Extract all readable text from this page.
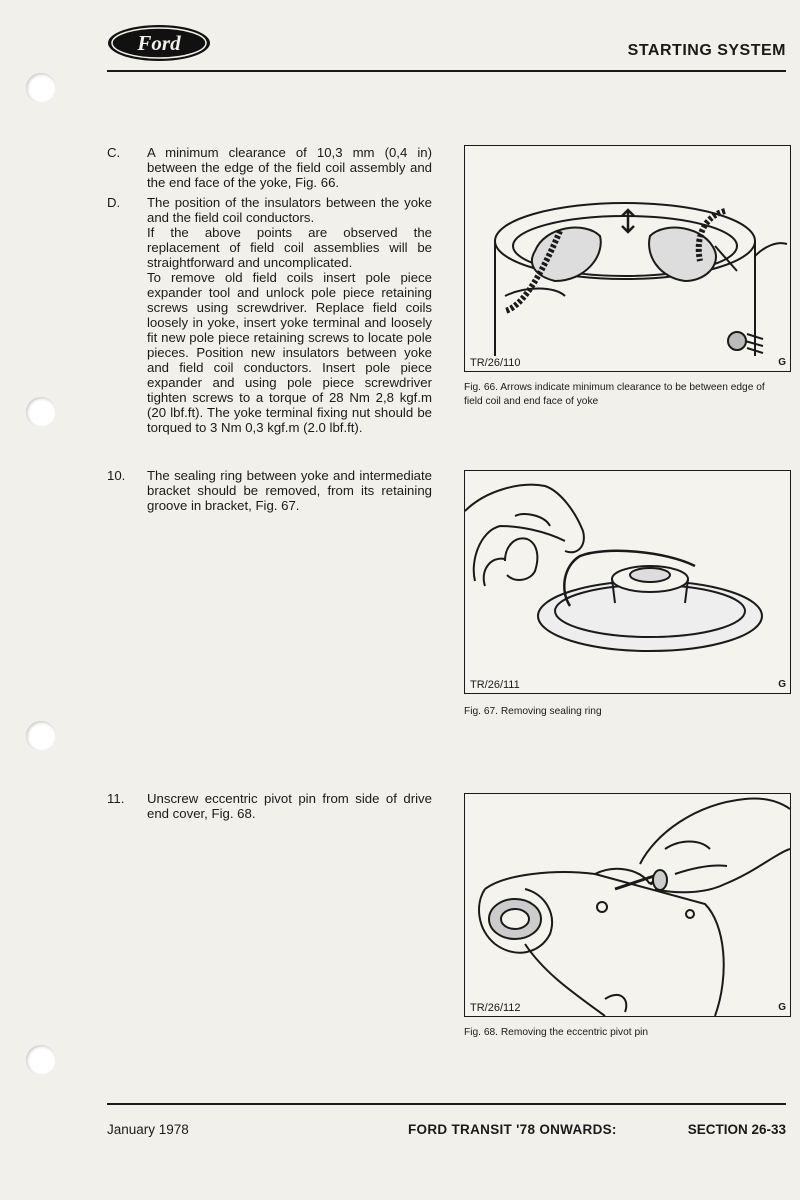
Ford	STARTING SYSTEM
C. A minimum clearance of 10,3 mm (0,4 in) between the edge of the field coil assembly and the end face of the yoke, Fig. 66.

D. The position of the insulators between the yoke and the field coil conductors.

If the above points are observed the replacement of field coil assemblies will be straightforward and uncomplicated.

To remove old field coils insert pole piece expander tool and unlock pole piece retaining screws using screwdriver. Replace field coils loosely in yoke, insert yoke terminal and loosely fit new pole piece retaining screws to locate pole pieces. Position new insulators between yoke and field coil conductors. Insert pole piece expander and using pole piece screwdriver tighten screws to a torque of 28 Nm 2,8 kgf.m (20 lbf.ft). The yoke terminal fixing nut should be torqued to 3 Nm 0,3 kgf.m (2.0 lbf.ft).

10. The sealing ring between yoke and intermediate bracket should be removed, from its retaining groove in bracket, Fig. 67.

11. Unscrew eccentric pivot pin from side of drive end cover, Fig. 68.

TR/26/110	G
Fig. 66. Arrows indicate minimum clearance to be between edge of field coil and end face of yoke
TR/26/111	G
Fig. 67. Removing sealing ring
TR/26/112	G
Fig. 68. Removing the eccentric pivot pin
January 1978	FORD TRANSIT '78 ONWARDS:	SECTION 26-33
